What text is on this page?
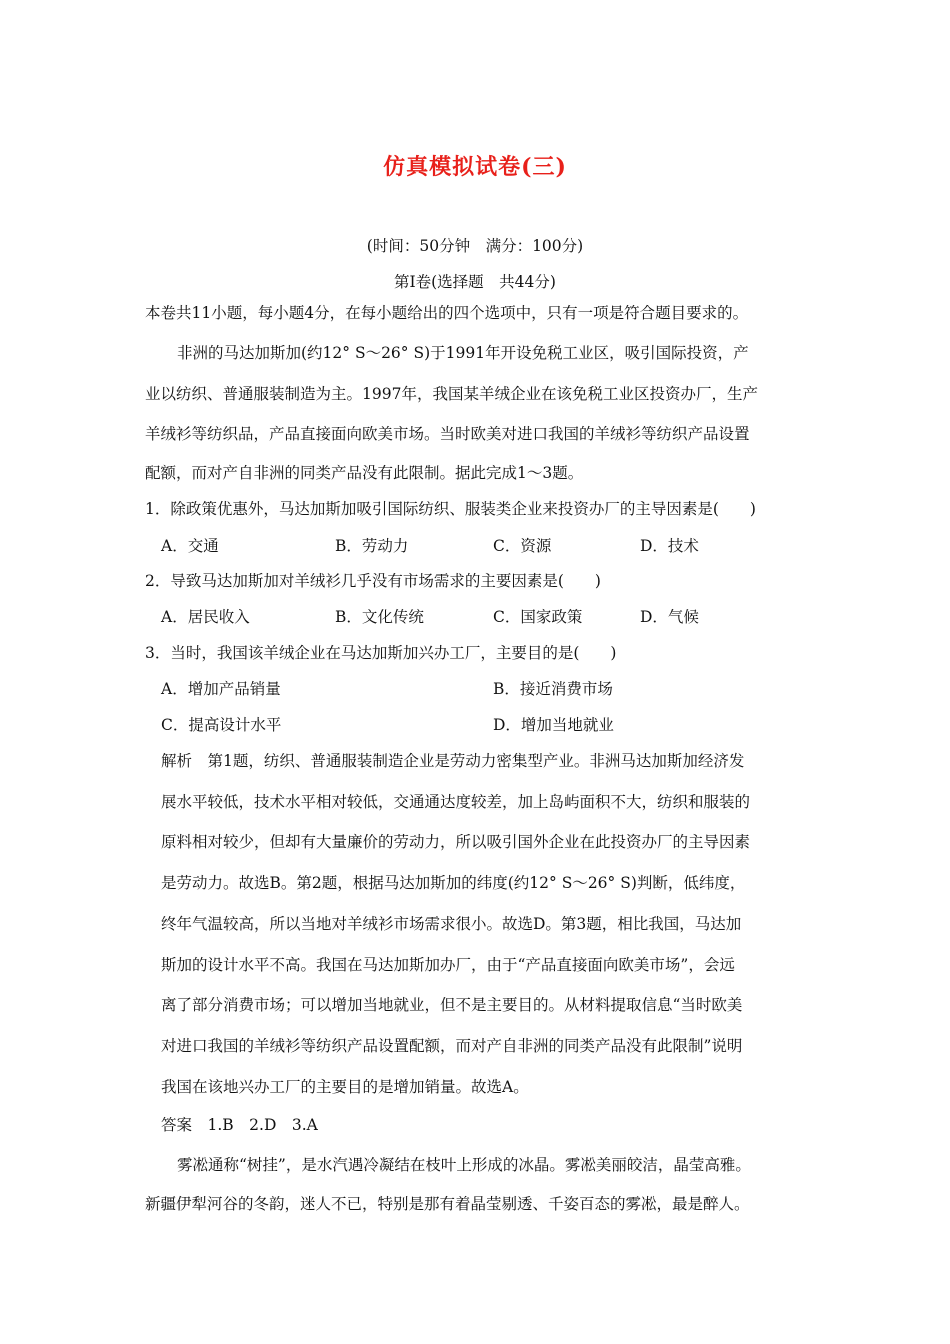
仿真模拟试卷(三)
(时间：50分钟　满分：100分)
第Ⅰ卷(选择题　共44分)
本卷共11小题，每小题4分，在每小题给出的四个选项中，只有一项是符合题目要求的。
非洲的马达加斯加(约12° S～26° S)于1991年开设免税工业区，吸引国际投资，产
业以纺织、普通服装制造为主。1997年，我国某羊绒企业在该免税工业区投资办厂，生产
羊绒衫等纺织品，产品直接面向欧美市场。当时欧美对进口我国的羊绒衫等纺织产品设置
配额，而对产自非洲的同类产品没有此限制。据此完成1～3题。
1．除政策优惠外，马达加斯加吸引国际纺织、服装类企业来投资办厂的主导因素是(　　)
A．交通	B．劳动力	C．资源	D．技术
2．导致马达加斯加对羊绒衫几乎没有市场需求的主要因素是(　　)
A．居民收入	B．文化传统	C．国家政策	D．气候
3．当时，我国该羊绒企业在马达加斯加兴办工厂，主要目的是(　　)
A．增加产品销量	B．接近消费市场
C．提高设计水平	D．增加当地就业
解析　第1题，纺织、普通服装制造企业是劳动力密集型产业。非洲马达加斯加经济发
展水平较低，技术水平相对较低，交通通达度较差，加上岛屿面积不大，纺织和服装的
原料相对较少，但却有大量廉价的劳动力，所以吸引国外企业在此投资办厂的主导因素
是劳动力。故选B。第2题，根据马达加斯加的纬度(约12° S～26° S)判断，低纬度，
终年气温较高，所以当地对羊绒衫市场需求很小。故选D。第3题，相比我国，马达加
斯加的设计水平不高。我国在马达加斯加办厂，由于“产品直接面向欧美市场”，会远
离了部分消费市场；可以增加当地就业，但不是主要目的。从材料提取信息“当时欧美
对进口我国的羊绒衫等纺织产品设置配额，而对产自非洲的同类产品没有此限制”说明
我国在该地兴办工厂的主要目的是增加销量。故选A。
答案　1.B　2.D　3.A
雾凇通称“树挂”，是水汽遇冷凝结在枝叶上形成的冰晶。雾凇美丽皎洁，晶莹高雅。
新疆伊犁河谷的冬韵，迷人不已，特别是那有着晶莹剔透、千姿百态的雾凇，最是醉人。
